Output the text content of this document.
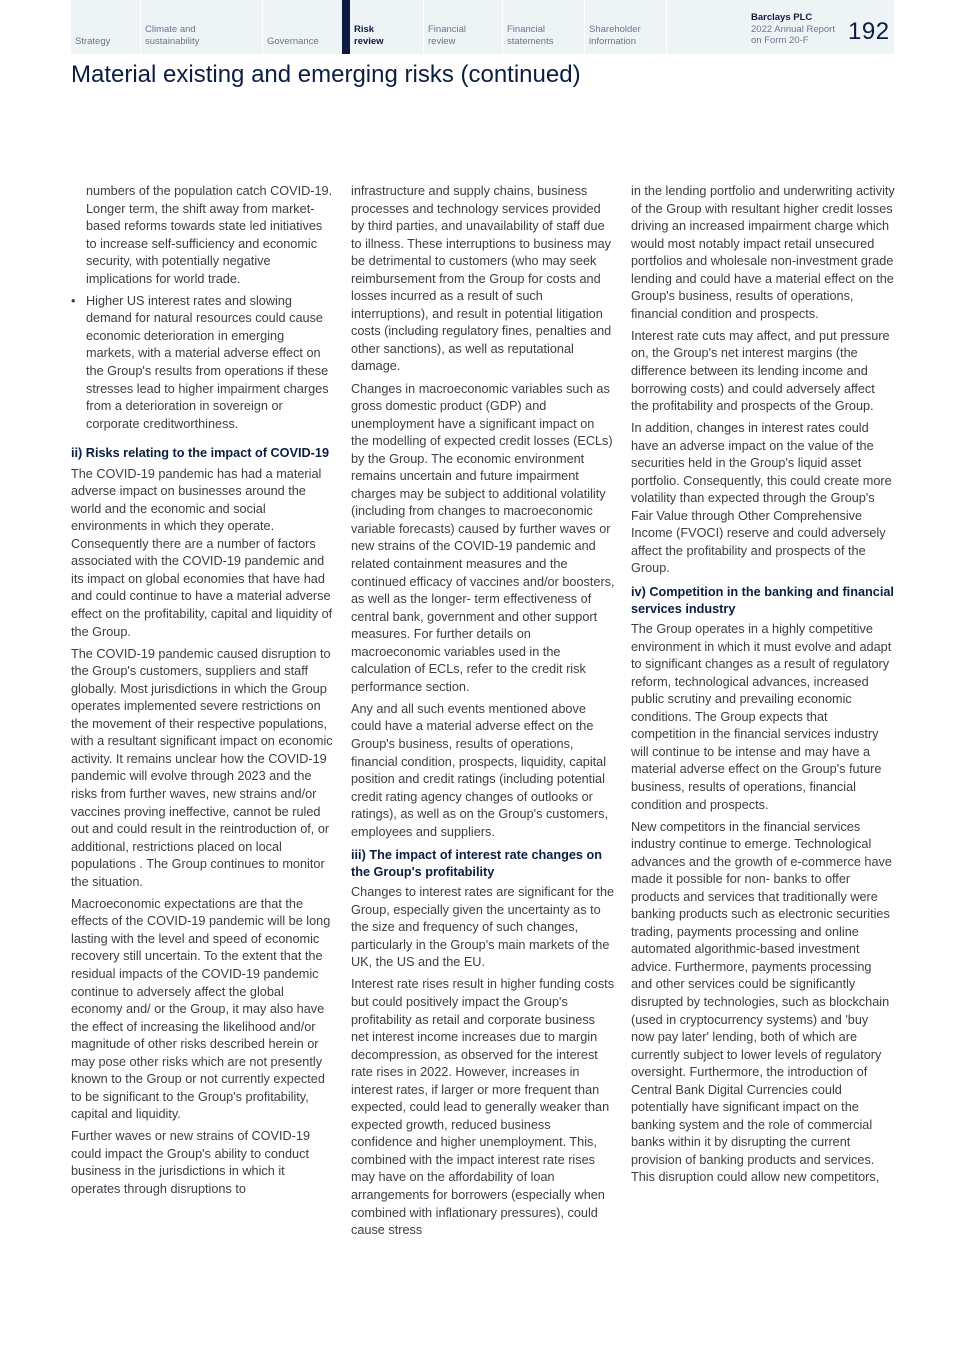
Strategy
Climate and
sustainability	Governance
Risk
review
Financial
review
Financial
statements
Shareholder
information
Barclays PLC
2022 Annual Report
on Form 20-F	192
Material existing and emerging risks (continued)

numbers of the population catch COVID-19. Longer term, the shift away from market-based reforms towards state led initiatives to increase self-sufficiency and economic security, with potentially negative implications for world trade.

• Higher US interest rates and slowing demand for natural resources could cause economic deterioration in emerging markets, with a material adverse effect on the Group's results from operations if these stresses lead to higher impairment charges from a deterioration in sovereign or corporate creditworthiness.
ii) Risks relating to the impact of COVID-19

The COVID-19 pandemic has had a material adverse impact on businesses around the world and the economic and social environments in which they operate. Consequently there are a number of factors associated with the COVID-19 pandemic and its impact on global economies that have had and could continue to have a material adverse effect on the profitability, capital and liquidity of the Group.

The COVID-19 pandemic caused disruption to the Group's customers, suppliers and staff globally. Most jurisdictions in which the Group operates implemented severe restrictions on the movement of their respective populations, with a resultant significant impact on economic activity. It remains unclear how the COVID-19 pandemic will evolve through 2023 and the risks from further waves, new strains and/or vaccines proving ineffective, cannot be ruled out and could result in the reintroduction of, or additional, restrictions placed on local populations . The Group continues to monitor the situation.

Macroeconomic expectations are that the effects of the COVID-19 pandemic will be long lasting with the level and speed of economic recovery still uncertain. To the extent that the residual impacts of the COVID-19 pandemic continue to adversely affect the global economy and/ or the Group, it may also have the effect of increasing the likelihood and/or magnitude of other risks described herein or may pose other risks which are not presently known to the Group or not currently expected to be significant to the Group's profitability, capital and liquidity.

Further waves or new strains of COVID-19 could impact the Group's ability to conduct business in the jurisdictions in which it operates through disruptions to

infrastructure and supply chains, business processes and technology services provided by third parties, and unavailability of staff due to illness. These interruptions to business may be detrimental to customers (who may seek reimbursement from the Group for costs and losses incurred as a result of such interruptions), and result in potential litigation costs (including regulatory fines, penalties and other sanctions), as well as reputational damage.

Changes in macroeconomic variables such as gross domestic product (GDP) and unemployment have a significant impact on the modelling of expected credit losses (ECLs) by the Group. The economic environment remains uncertain and future impairment charges may be subject to additional volatility (including from changes to macroeconomic variable forecasts) caused by further waves or new strains of the COVID-19 pandemic and related containment measures and the continued efficacy of vaccines and/or boosters, as well as the longer- term effectiveness of central bank, government and other support measures. For further details on macroeconomic variables used in the calculation of ECLs, refer to the credit risk performance section.

Any and all such events mentioned above could have a material adverse effect on the Group's business, results of operations, financial condition, prospects, liquidity, capital position and credit ratings (including potential credit rating agency changes of outlooks or ratings), as well as on the Group's customers, employees and suppliers.

iii) The impact of interest rate changes on the Group's profitability

Changes to interest rates are significant for the Group, especially given the uncertainty as to the size and frequency of such changes, particularly in the Group's main markets of the UK, the US and the EU.

Interest rate rises result in higher funding costs but could positively impact the Group's profitability as retail and corporate business net interest income increases due to margin decompression, as observed for the interest rate rises in 2022. However, increases in interest rates, if larger or more frequent than expected, could lead to generally weaker than expected growth, reduced business confidence and higher unemployment. This, combined with the impact interest rate rises may have on the affordability of loan arrangements for borrowers (especially when combined with inflationary pressures), could cause stress

in the lending portfolio and underwriting activity of the Group with resultant higher credit losses driving an increased impairment charge which would most notably impact retail unsecured portfolios and wholesale non-investment grade lending and could have a material effect on the Group's business, results of operations, financial condition and prospects.

Interest rate cuts may affect, and put pressure on, the Group's net interest margins (the difference between its lending income and borrowing costs) and could adversely affect the profitability and prospects of the Group.

In addition, changes in interest rates could have an adverse impact on the value of the securities held in the Group's liquid asset portfolio. Consequently, this could create more volatility than expected through the Group's Fair Value through Other Comprehensive Income (FVOCI) reserve and could adversely affect the profitability and prospects of the Group.

iv) Competition in the banking and financial services industry

The Group operates in a highly competitive environment in which it must evolve and adapt to significant changes as a result of regulatory reform, technological advances, increased public scrutiny and prevailing economic conditions. The Group expects that competition in the financial services industry will continue to be intense and may have a material adverse effect on the Group's future business, results of operations, financial condition and prospects.

New competitors in the financial services industry continue to emerge. Technological advances and the growth of e-commerce have made it possible for non- banks to offer products and services that traditionally were banking products such as electronic securities trading, payments processing and online automated algorithmic-based investment advice. Furthermore, payments processing and other services could be significantly disrupted by technologies, such as blockchain (used in cryptocurrency systems) and 'buy now pay later' lending, both of which are currently subject to lower levels of regulatory oversight. Furthermore, the introduction of Central Bank Digital Currencies could potentially have significant impact on the banking system and the role of commercial banks within it by disrupting the current provision of banking products and services. This disruption could allow new competitors,
